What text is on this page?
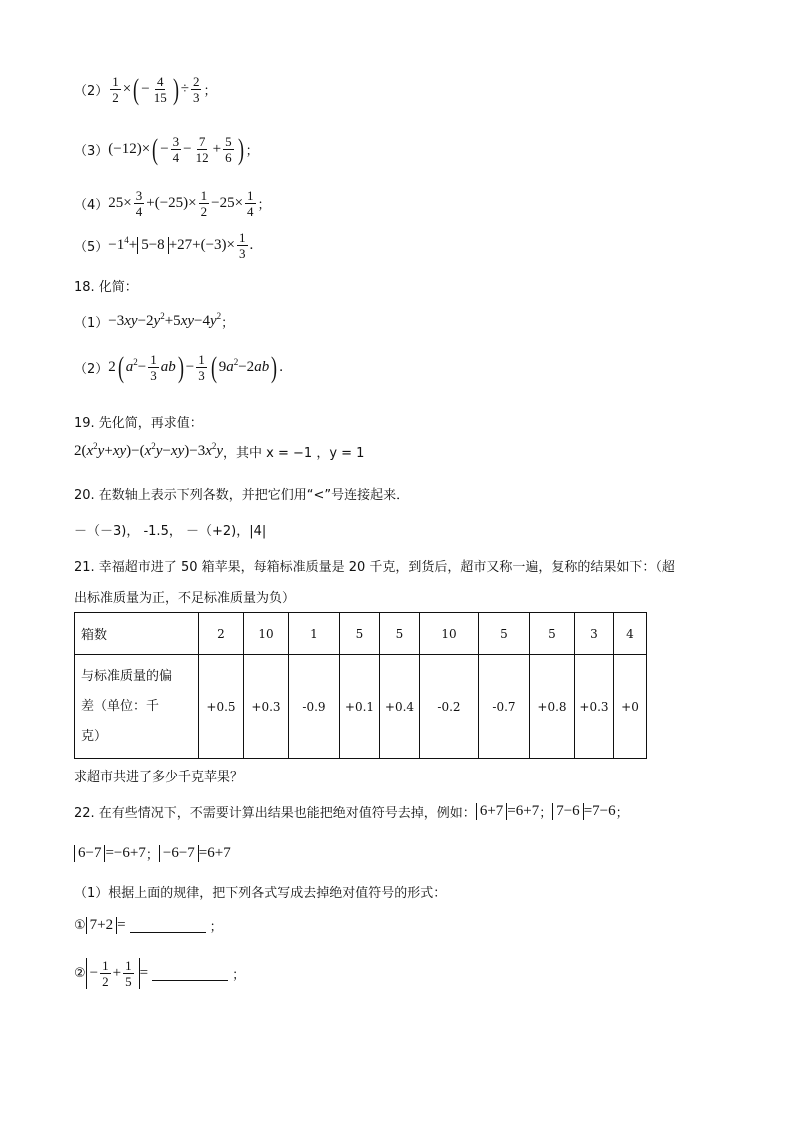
$(2) \frac{1}{2}$ × ( − $\frac{4}{15}$ ) ÷ $\frac{2}{3}$ ；
（3） (−12)× ( − $\frac{3}{4} - \frac{7}{12} + \frac{5}{6}$ ) ；
（4） $25\times \frac{3}{4} +(-25)\times \frac{1}{2} -25\times \frac{1}{4}$ ；
$(5) -1^4+ 5-8 +27+(-3)\times \frac{1}{3}$ .
18. 化简：
$(1) -3xy-2y^2+5xy-4y^2$ ；
（2） 2 ( $a^2- \frac{1}{3}$ ab ) − $\frac{1}{3}$ ( $9a^2-2ab$ ) .
19. 先化简，再求值：
$2(x^2y+xy)-(x^2y-xy)-3x^2y$ ，其中 x = −1 ，y = 1
20. 在数轴上表示下列各数，并把它们用“<”号连接起来．
－（－3)， -1.5， －（+2)，|4|
21. 幸福超市进了 50 箱苹果，每箱标准质量是 20 千克，到货后，超市又称一遍，复称的结果如下：（超
出标准质量为正，不足标准质量为负）
箱数	2	10	1	5	5	10	5	5	3	4

与标准质量的偏
差（单位：千
克）	+0.5	+0.3	-0.9	+0.1	+0.4	-0.2	-0.7	+0.8	+0.3	+0
求超市共进了多少千克苹果？
22. 在有些情况下，不需要计算出结果也能把绝对值符号去掉，例如： 6+7 =6+7 ； 7−6 =7−6 ；
6−7 =−6+7 ； −6−7 =6+7
（1）根据上面的规律，把下列各式写成去掉绝对值符号的形式：
① 7+2 =	；
② − $\frac{1}{2} + \frac{1}{5}$ =	；
